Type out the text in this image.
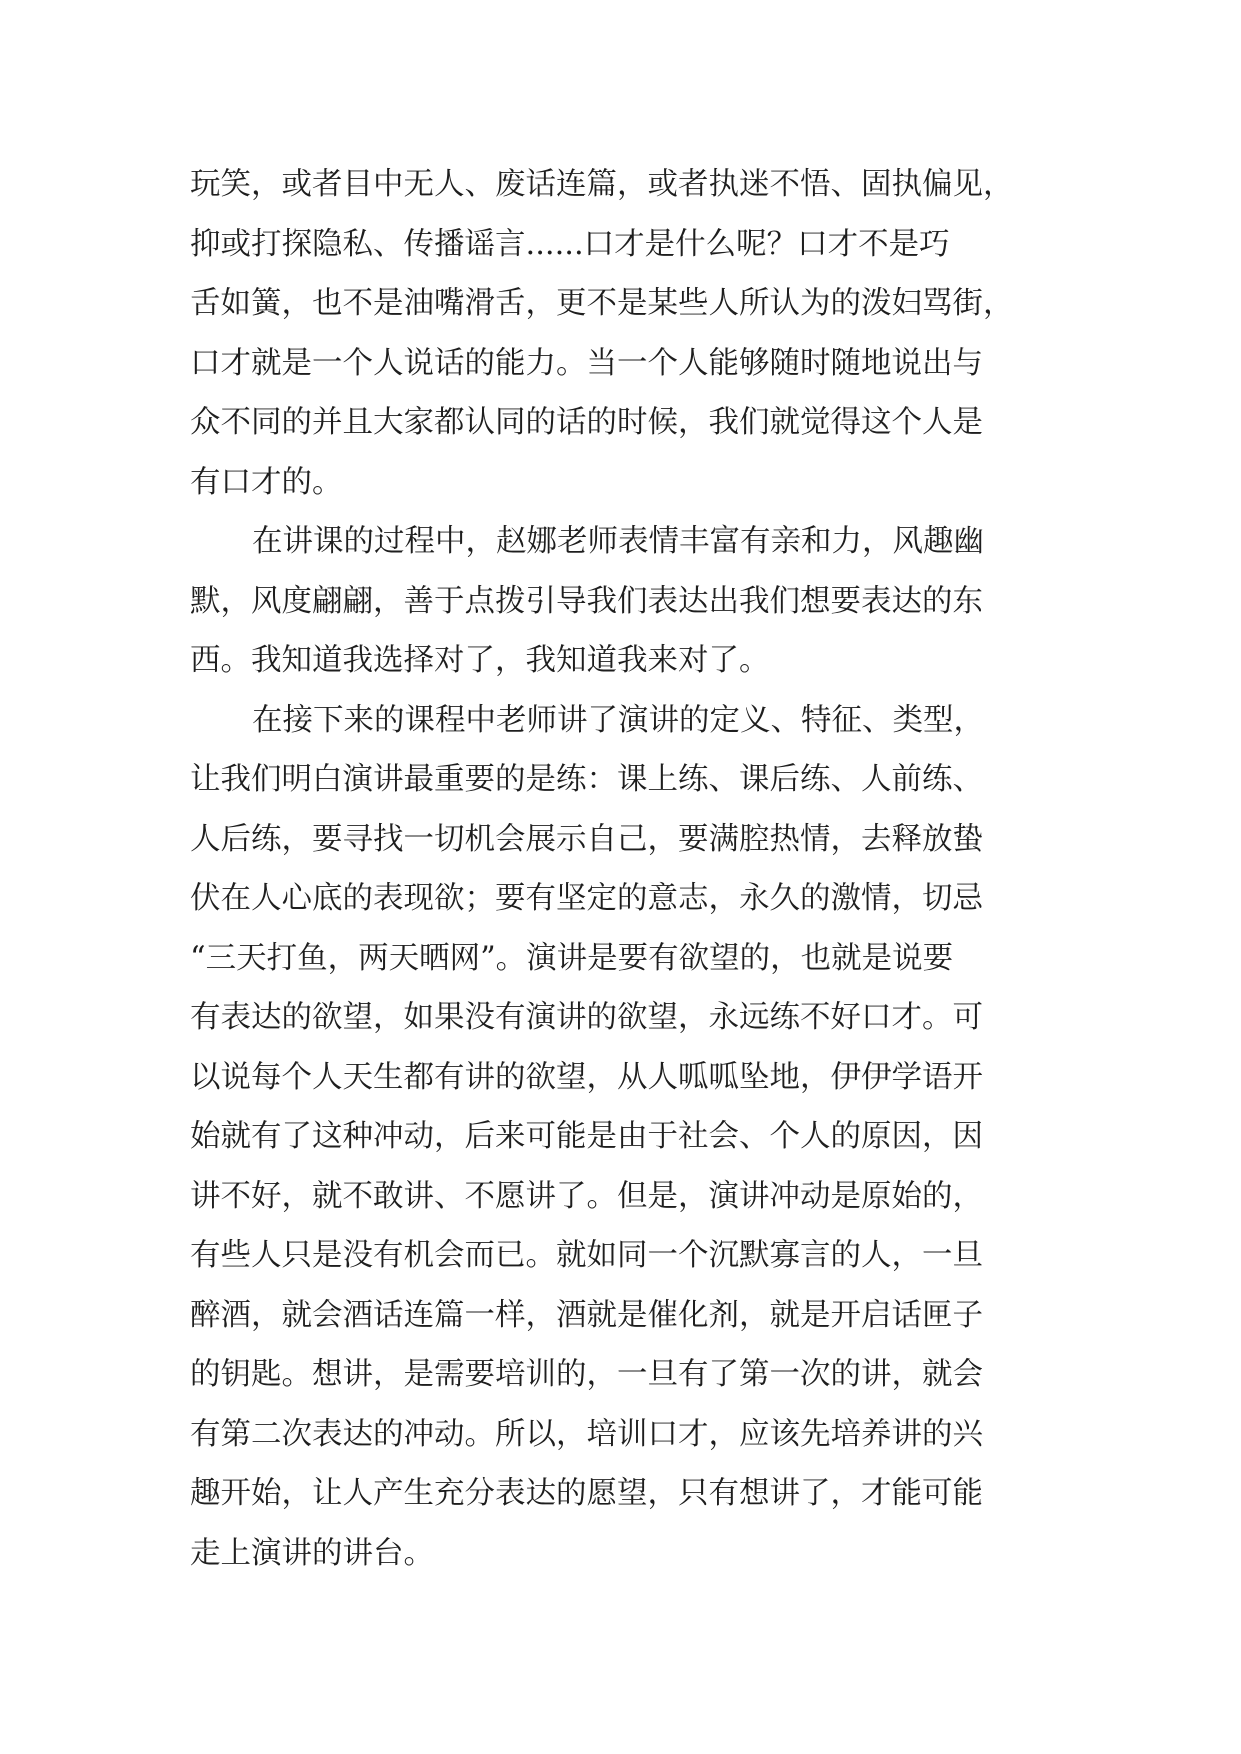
玩笑，或者目中无人、废话连篇，或者执迷不悟、固执偏见，
抑或打探隐私、传播谣言......口才是什么呢？口才不是巧
舌如簧，也不是油嘴滑舌，更不是某些人所认为的泼妇骂街，
口才就是一个人说话的能力。当一个人能够随时随地说出与
众不同的并且大家都认同的话的时候，我们就觉得这个人是
有口才的。
在讲课的过程中，赵娜老师表情丰富有亲和力，风趣幽
默，风度翩翩，善于点拨引导我们表达出我们想要表达的东
西。我知道我选择对了，我知道我来对了。
在接下来的课程中老师讲了演讲的定义、特征、类型，
让我们明白演讲最重要的是练：课上练、课后练、人前练、
人后练，要寻找一切机会展示自己，要满腔热情，去释放蛰
伏在人心底的表现欲；要有坚定的意志，永久的激情，切忌
“三天打鱼，两天晒网”。演讲是要有欲望的，也就是说要
有表达的欲望，如果没有演讲的欲望，永远练不好口才。可
以说每个人天生都有讲的欲望，从人呱呱坠地，伊伊学语开
始就有了这种冲动，后来可能是由于社会、个人的原因，因
讲不好，就不敢讲、不愿讲了。但是，演讲冲动是原始的，
有些人只是没有机会而已。就如同一个沉默寡言的人，一旦
醉酒，就会酒话连篇一样，酒就是催化剂，就是开启话匣子
的钥匙。想讲，是需要培训的，一旦有了第一次的讲，就会
有第二次表达的冲动。所以，培训口才，应该先培养讲的兴
趣开始，让人产生充分表达的愿望，只有想讲了，才能可能
走上演讲的讲台。
